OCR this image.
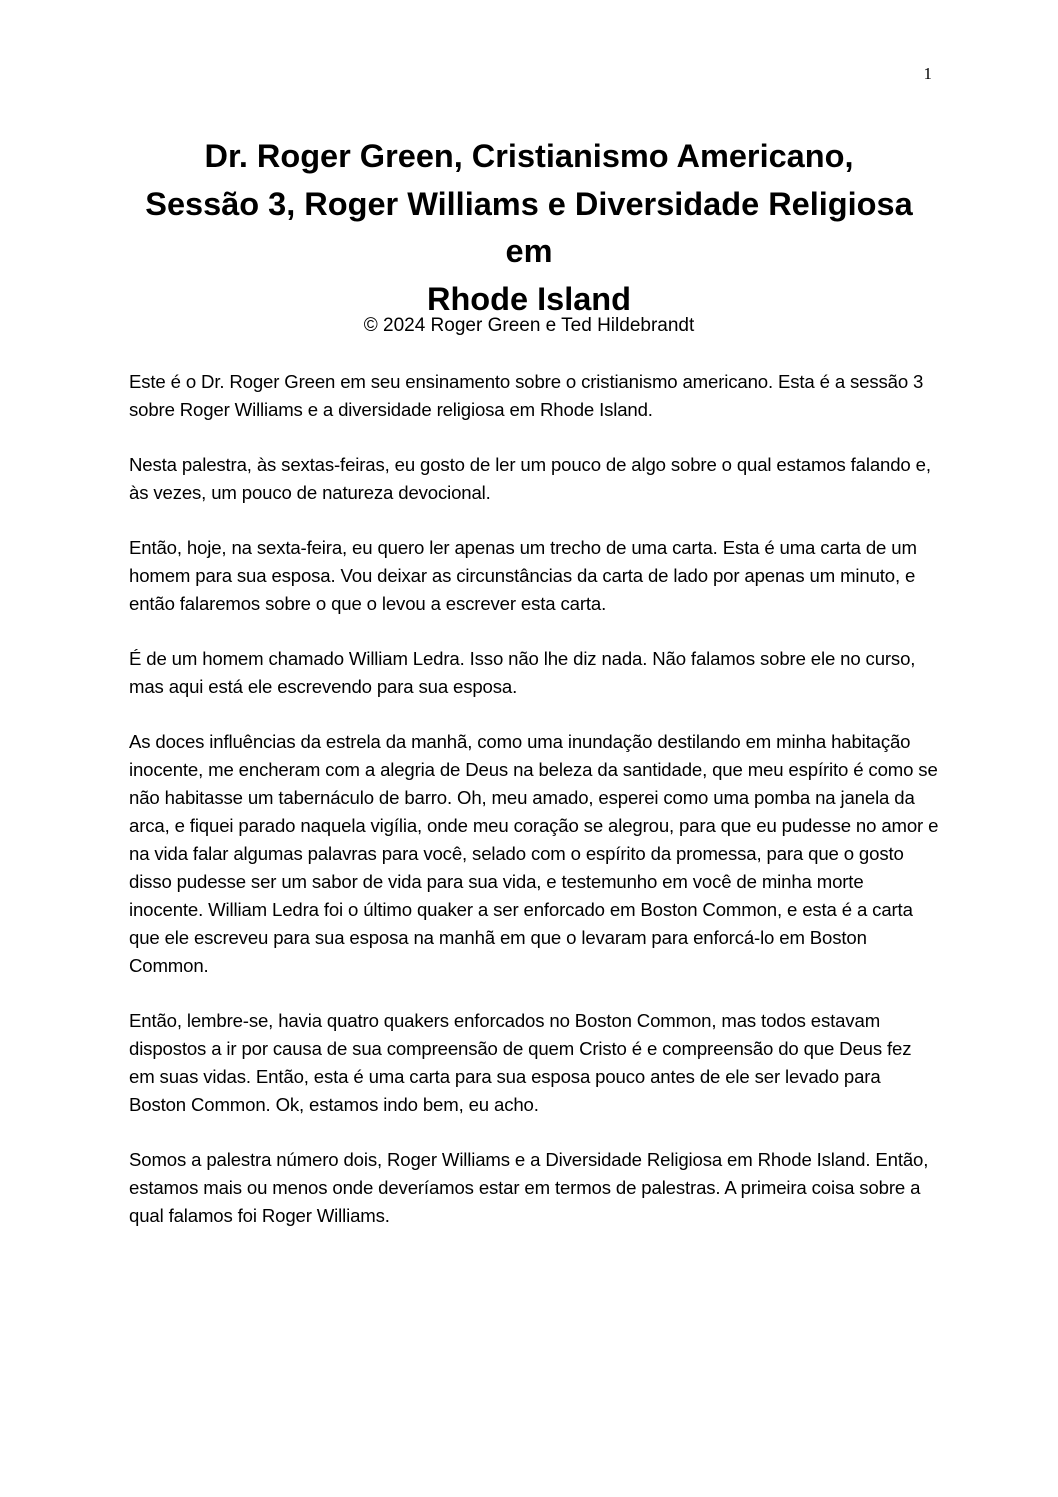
1
Dr. Roger Green, Cristianismo Americano,
Sessão 3, Roger Williams e Diversidade Religiosa
em
Rhode Island
© 2024 Roger Green e Ted Hildebrandt

Este é o Dr. Roger Green em seu ensinamento sobre o cristianismo americano. Esta é a sessão 3 sobre Roger Williams e a diversidade religiosa em Rhode Island.

Nesta palestra, às sextas-feiras, eu gosto de ler um pouco de algo sobre o qual estamos falando e, às vezes, um pouco de natureza devocional.

Então, hoje, na sexta-feira, eu quero ler apenas um trecho de uma carta. Esta é uma carta de um homem para sua esposa. Vou deixar as circunstâncias da carta de lado por apenas um minuto, e então falaremos sobre o que o levou a escrever esta carta.

É de um homem chamado William Ledra. Isso não lhe diz nada. Não falamos sobre ele no curso, mas aqui está ele escrevendo para sua esposa.

As doces influências da estrela da manhã, como uma inundação destilando em minha habitação inocente, me encheram com a alegria de Deus na beleza da santidade, que meu espírito é como se não habitasse um tabernáculo de barro. Oh, meu amado, esperei como uma pomba na janela da arca, e fiquei parado naquela vigília, onde meu coração se alegrou, para que eu pudesse no amor e na vida falar algumas palavras para você, selado com o espírito da promessa, para que o gosto disso pudesse ser um sabor de vida para sua vida, e testemunho em você de minha morte inocente. William Ledra foi o último quaker a ser enforcado em Boston Common, e esta é a carta que ele escreveu para sua esposa na manhã em que o levaram para enforcá-lo em Boston Common.

Então, lembre-se, havia quatro quakers enforcados no Boston Common, mas todos estavam dispostos a ir por causa de sua compreensão de quem Cristo é e compreensão do que Deus fez em suas vidas. Então, esta é uma carta para sua esposa pouco antes de ele ser levado para Boston Common. Ok, estamos indo bem, eu acho.

Somos a palestra número dois, Roger Williams e a Diversidade Religiosa em Rhode Island. Então, estamos mais ou menos onde deveríamos estar em termos de palestras. A primeira coisa sobre a qual falamos foi Roger Williams.
